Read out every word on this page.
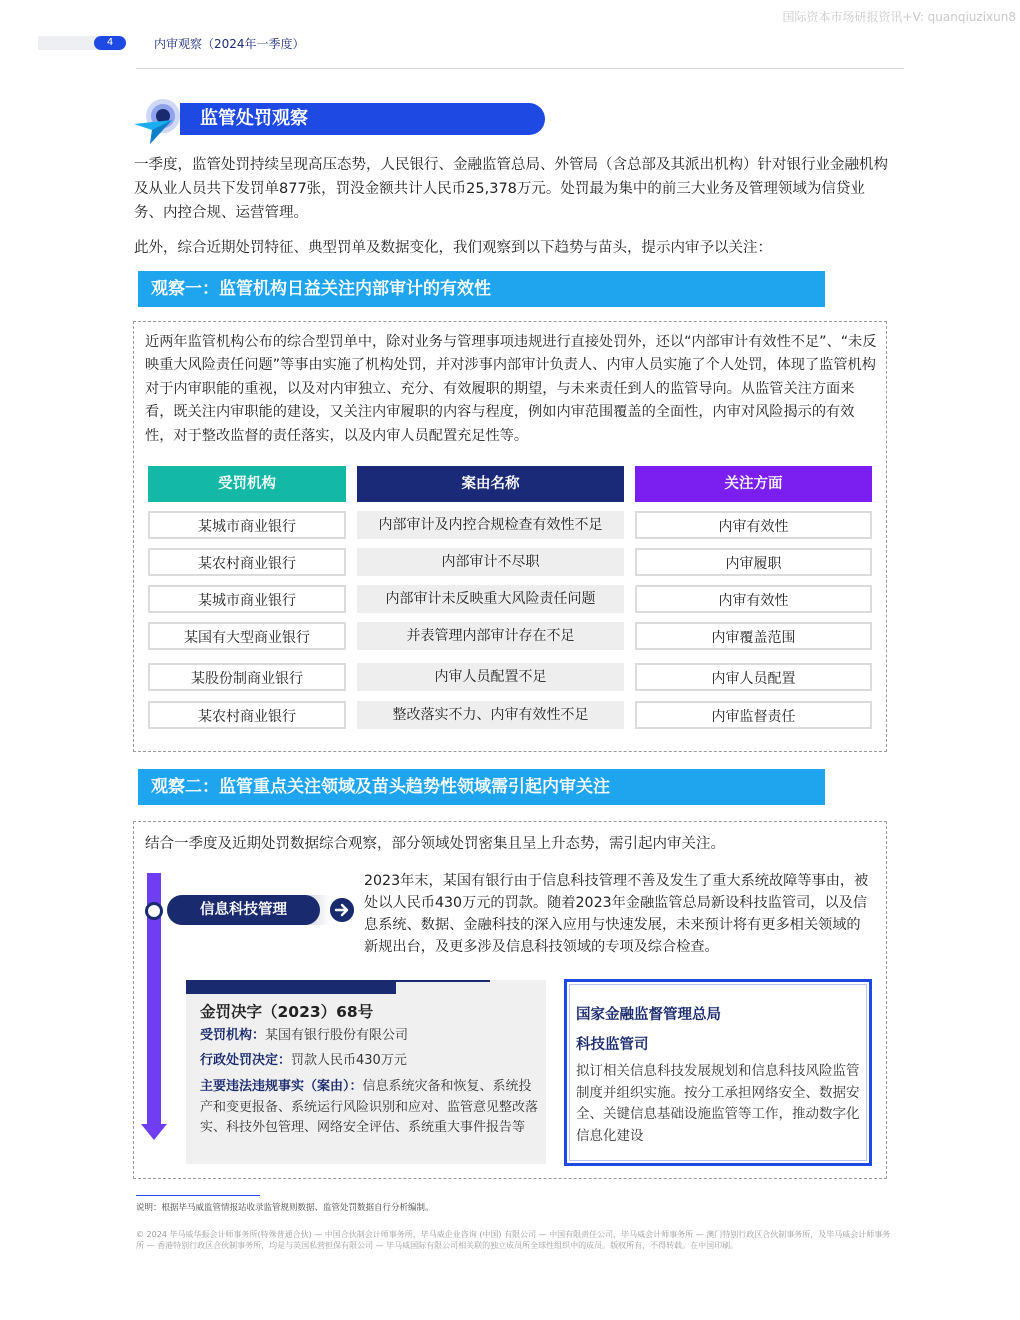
国际资本市场研报资讯+V: quanqiuzixun8
4	内审观察（2024年一季度）
监管处罚观察

一季度，监管处罚持续呈现高压态势，人民银行、金融监管总局、外管局（含总部及其派出机构）针对银行业金融机构及从业人员共下发罚单877张，罚没金额共计人民币25,378万元。处罚最为集中的前三大业务及管理领域为信贷业务、内控合规、运营管理。

此外，综合近期处罚特征、典型罚单及数据变化，我们观察到以下趋势与苗头，提示内审予以关注：

观察一：监管机构日益关注内部审计的有效性

近两年监管机构公布的综合型罚单中，除对业务与管理事项违规进行直接处罚外，还以“内部审计有效性不足”、“未反映重大风险责任问题”等事由实施了机构处罚，并对涉事内部审计负责人、内审人员实施了个人处罚，体现了监管机构对于内审职能的重视，以及对内审独立、充分、有效履职的期望，与未来责任到人的监管导向。从监管关注方面来看，既关注内审职能的建设，又关注内审履职的内容与程度，例如内审范围覆盖的全面性，内审对风险揭示的有效性，对于整改监督的责任落实，以及内审人员配置充足性等。

受罚机构	案由名称	关注方面
某城市商业银行	内部审计及内控合规检查有效性不足	内审有效性
某农村商业银行	内部审计不尽职	内审履职
某城市商业银行	内部审计未反映重大风险责任问题	内审有效性
某国有大型商业银行	并表管理内部审计存在不足	内审覆盖范围
某股份制商业银行	内审人员配置不足	内审人员配置
某农村商业银行	整改落实不力、内审有效性不足	内审监督责任
观察二：监管重点关注领域及苗头趋势性领域需引起内审关注

结合一季度及近期处罚数据综合观察，部分领域处罚密集且呈上升态势，需引起内审关注。

信息科技管理

2023年末，某国有银行由于信息科技管理不善及发生了重大系统故障等事由，被处以人民币430万元的罚款。随着2023年金融监管总局新设科技监管司，以及信息系统、数据、金融科技的深入应用与快速发展，未来预计将有更多相关领域的新规出台，及更多涉及信息科技领域的专项及综合检查。

金罚决字（2023）68号

受罚机构：某国有银行股份有限公司

行政处罚决定：罚款人民币430万元

主要违法违规事实（案由）：信息系统灾备和恢复、系统投产和变更报备、系统运行风险识别和应对、监管意见整改落实、科技外包管理、网络安全评估、系统重大事件报告等

国家金融监督管理总局
科技监管司

拟订相关信息科技发展规划和信息科技风险监管制度并组织实施。按分工承担网络安全、数据安全、关键信息基础设施监管等工作，推动数字化信息化建设

说明：根据毕马威监管情报站收录监管规则数据、监管处罚数据自行分析编制。

© 2024 毕马威华振会计师事务所(特殊普通合伙) — 中国合伙制会计师事务所，毕马威企业咨询 (中国) 有限公司 — 中国有限责任公司，毕马威会计师事务所 — 澳门特别行政区合伙制事务所，及毕马威会计师事务所 — 香港特别行政区合伙制事务所，均是与英国私营担保有限公司 — 毕马威国际有限公司相关联的独立成员所全球性组织中的成员。版权所有，不得转载。在中国印刷。
